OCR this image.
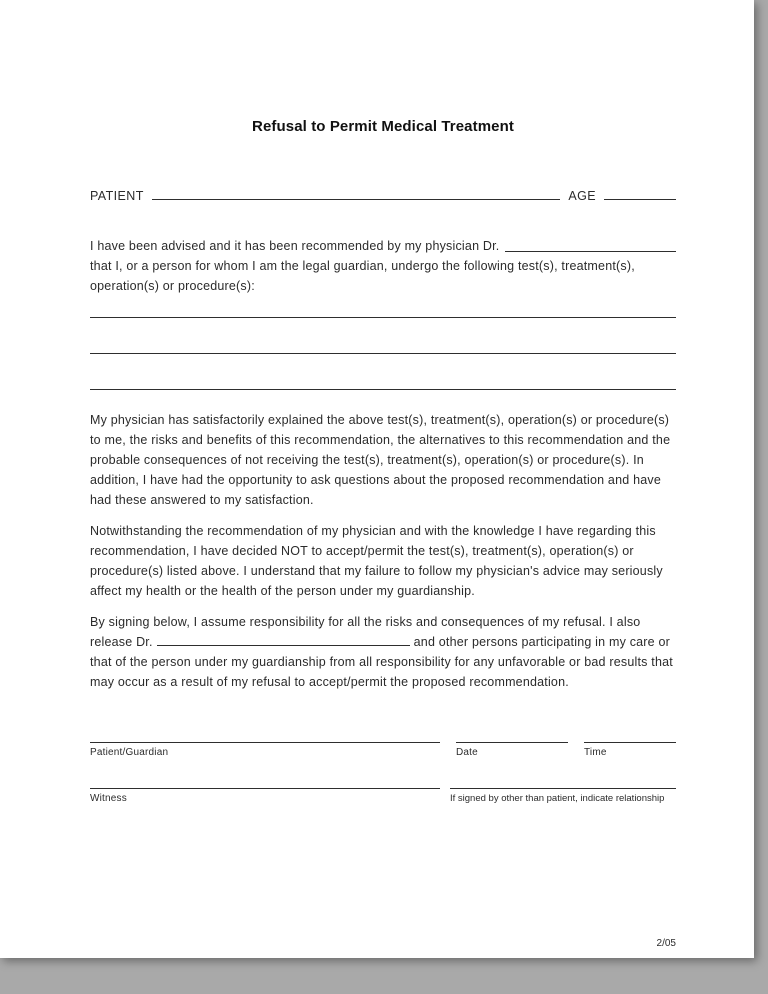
Refusal to Permit Medical Treatment
PATIENT	AGE
I have been advised and it has been recommended by my physician Dr.
that I, or a person for whom I am the legal guardian, undergo the following test(s), treatment(s), operation(s) or procedure(s):
My physician has satisfactorily explained the above test(s), treatment(s), operation(s) or procedure(s) to me, the risks and benefits of this recommendation, the alternatives to this recommendation and the probable consequences of not receiving the test(s), treatment(s), operation(s) or procedure(s). In addition, I have had the opportunity to ask questions about the proposed recommendation and have had these answered to my satisfaction.
Notwithstanding the recommendation of my physician and with the knowledge I have regarding this recommendation, I have decided NOT to accept/permit the test(s), treatment(s), operation(s) or procedure(s) listed above. I understand that my failure to follow my physician's advice may seriously affect my health or the health of the person under my guardianship.
By signing below, I assume responsibility for all the risks and consequences of my refusal. I also release Dr.	and other persons participating in my care or that of the person under my guardianship from all responsibility for any unfavorable or bad results that may occur as a result of my refusal to accept/permit the proposed recommendation.
Patient/Guardian	Date	Time
Witness	If signed by other than patient, indicate relationship
2/05
